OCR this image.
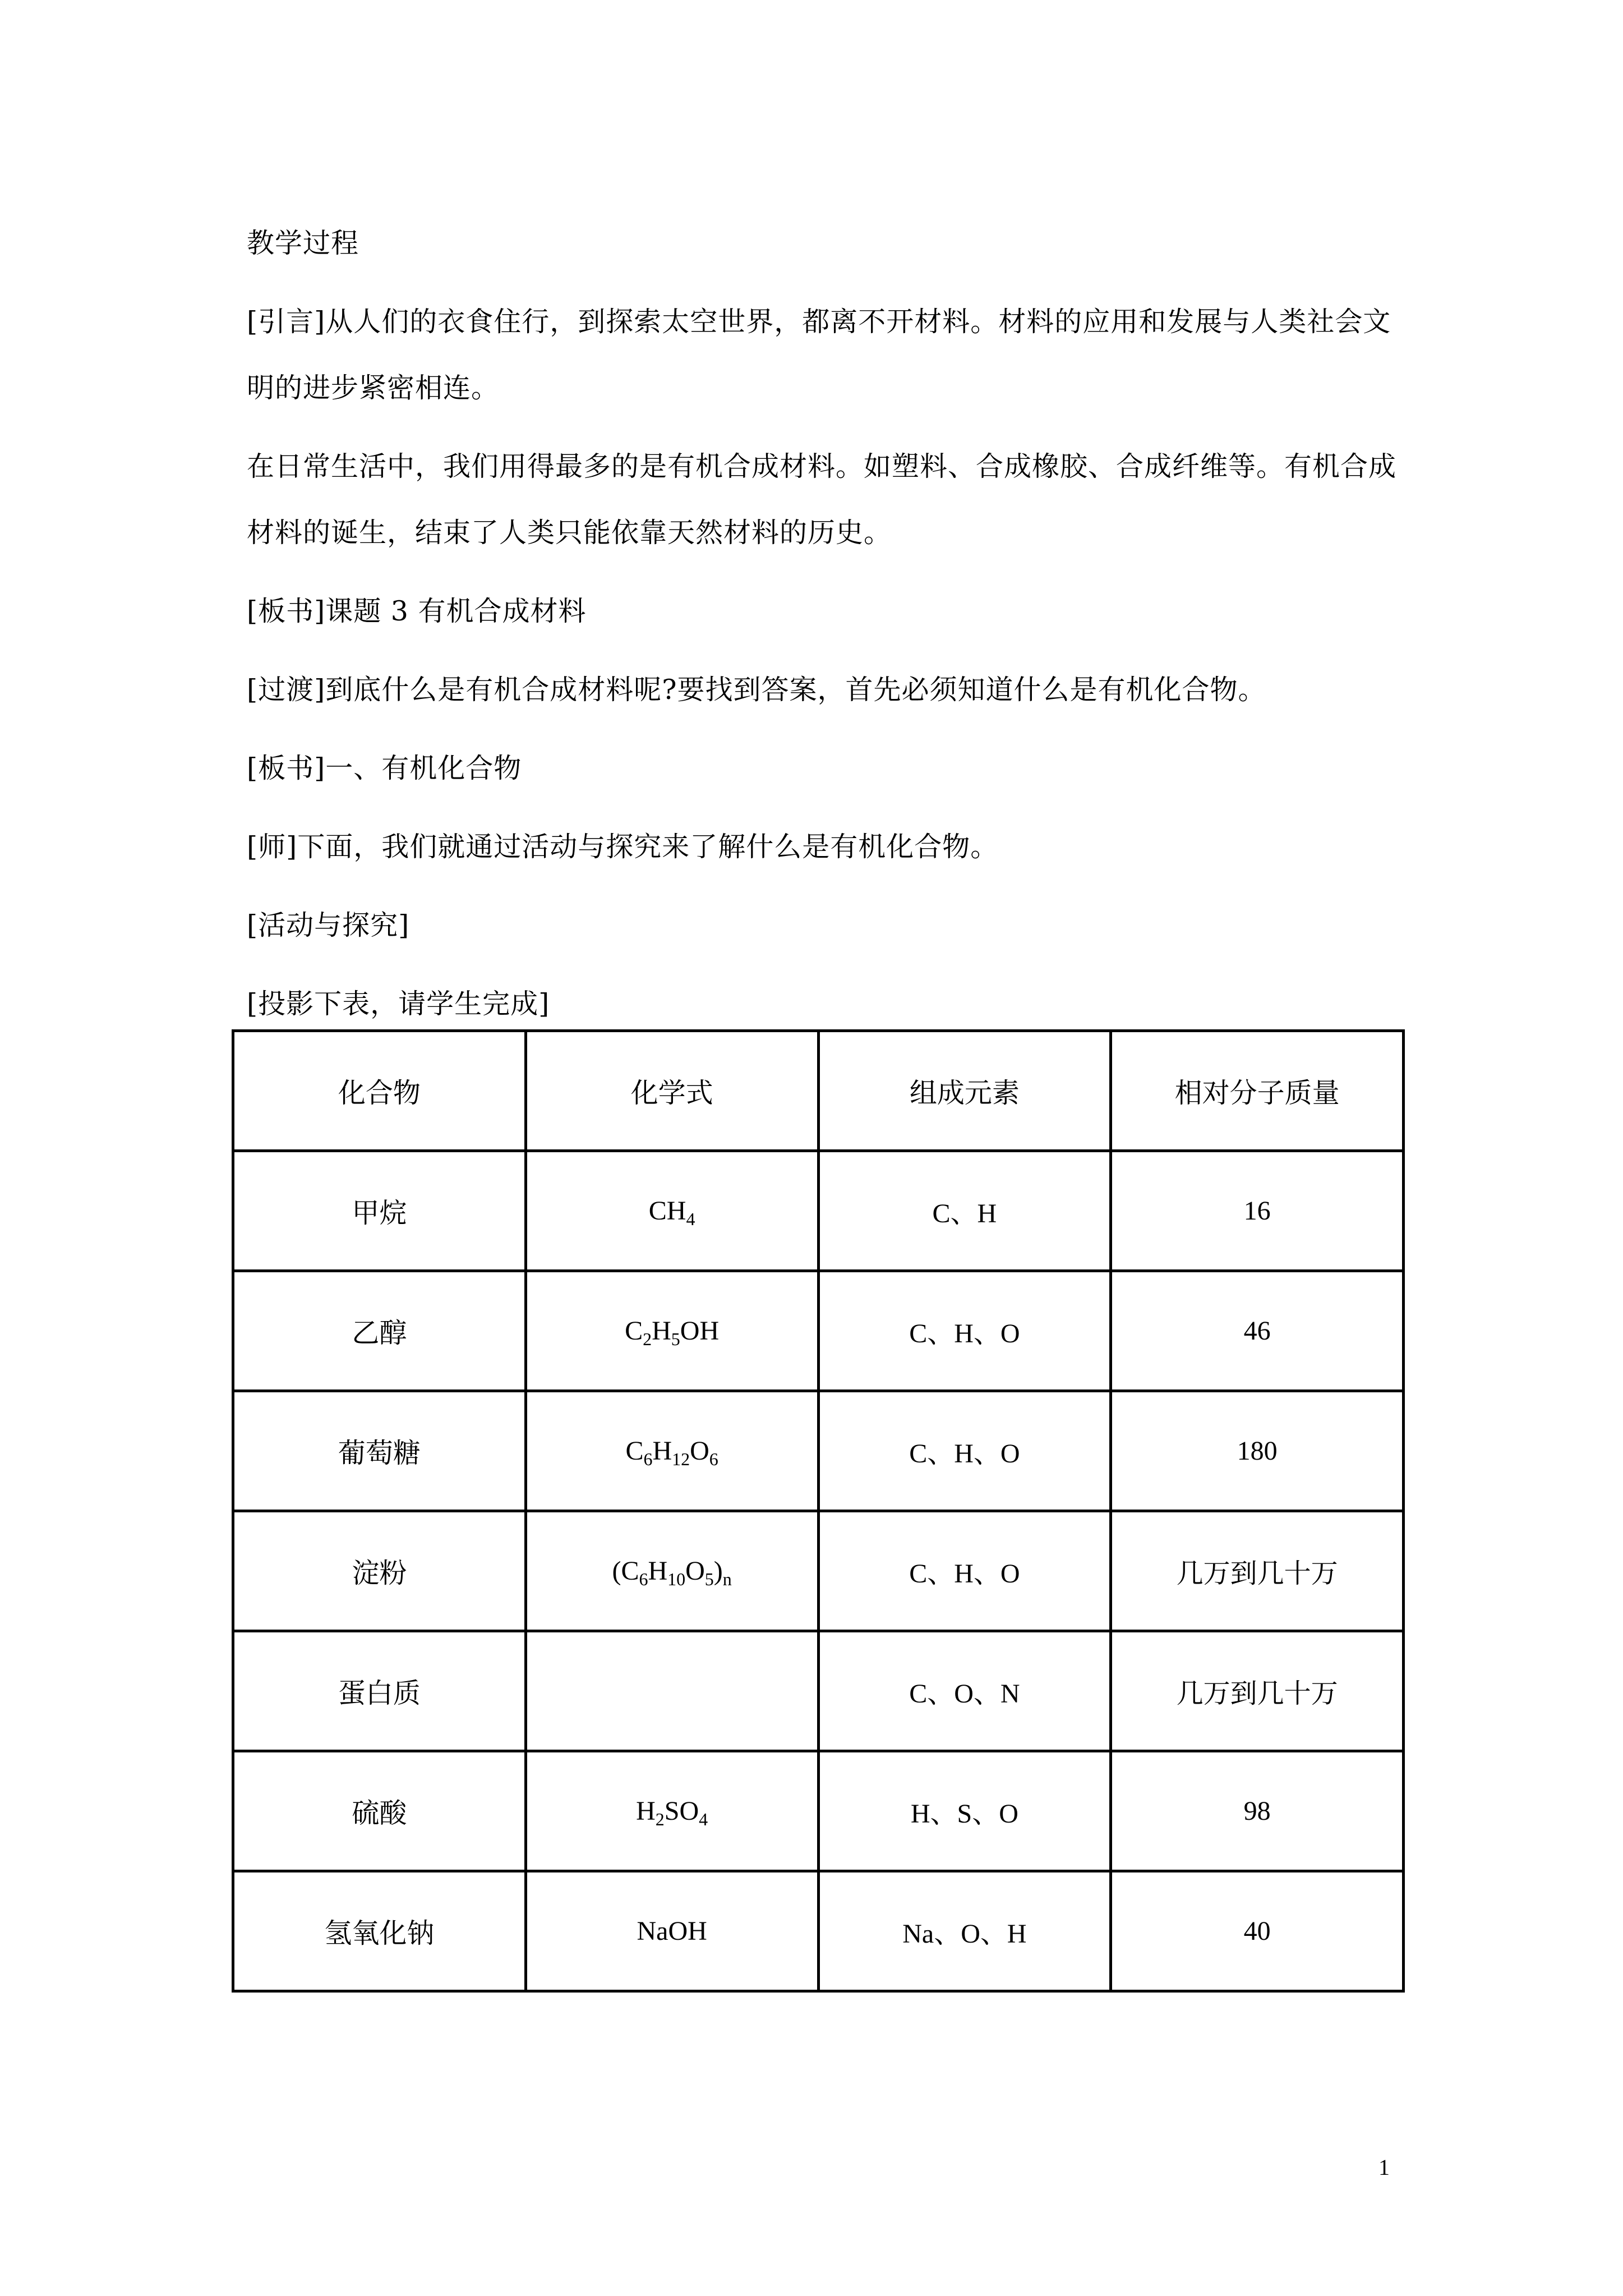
教学过程

[引言]从人们的衣食住行，到探索太空世界，都离不开材料。材料的应用和发展与人类社会文明的进步紧密相连。

在日常生活中，我们用得最多的是有机合成材料。如塑料、合成橡胶、合成纤维等。有机合成材料的诞生，结束了人类只能依靠天然材料的历史。

[板书]课题 3 有机合成材料

[过渡]到底什么是有机合成材料呢?要找到答案，首先必须知道什么是有机化合物。

[板书]一、有机化合物

[师]下面，我们就通过活动与探究来了解什么是有机化合物。

[活动与探究]

[投影下表，请学生完成]

化合物	化学式	组成元素	相对分子质量
甲烷	$CH_4$	C、H	16
乙醇	$C_2H_5OH$	C、H、O	46
葡萄糖	$C_6H_{12}O_6$	C、H、O	180
淀粉	$(C_6H_{10}O_5)_n$	C、H、O	几万到几十万
蛋白质		C、O、N	几万到几十万
硫酸	$H_2SO_4$	H、S、O	98
氢氧化钠	NaOH	Na、O、H	40
1
